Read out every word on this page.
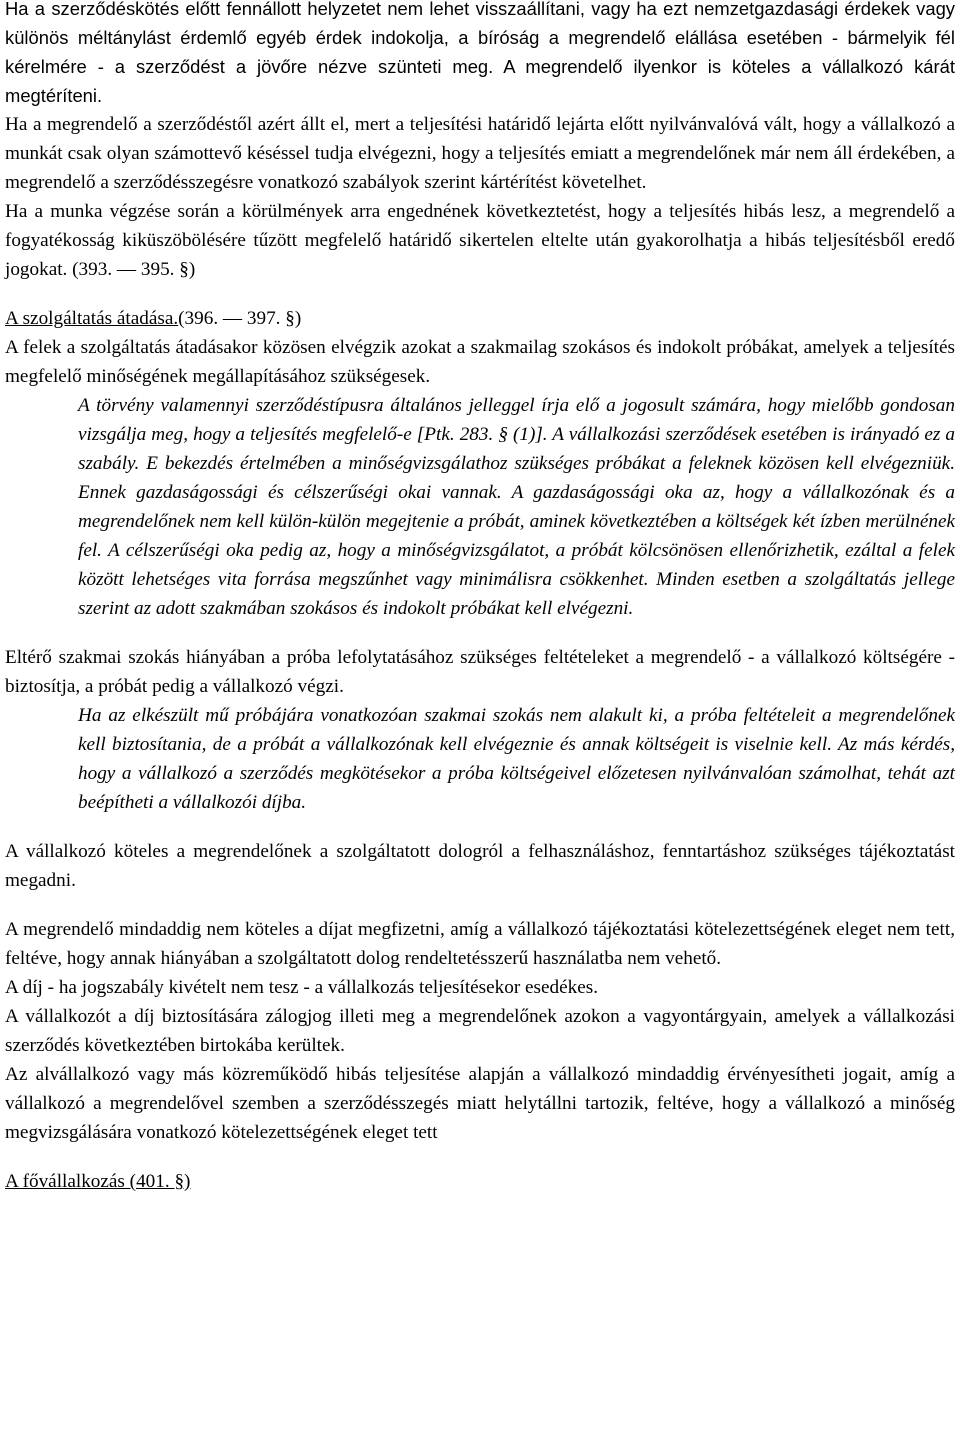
Ha a szerződéskötés előtt fennállott helyzetet nem lehet visszaállítani, vagy ha ezt nemzetgazdasági érdekek vagy különös méltánylást érdemlő egyéb érdek indokolja, a bíróság a megrendelő elállása esetében - bármelyik fél kérelmére - a szerződést a jövőre nézve szünteti meg. A megrendelő ilyenkor is köteles a vállalkozó kárát megtéríteni.

Ha a megrendelő a szerződéstől azért állt el, mert a teljesítési határidő lejárta előtt nyilvánvalóvá vált, hogy a vállalkozó a munkát csak olyan számottevő késéssel tudja elvégezni, hogy a teljesítés emiatt a megrendelőnek már nem áll érdekében, a megrendelő a szerződésszegésre vonatkozó szabályok szerint kártérítést követelhet.

Ha a munka végzése során a körülmények arra engednének következtetést, hogy a teljesítés hibás lesz, a megrendelő a fogyatékosság kiküszöbölésére tűzött megfelelő határidő sikertelen eltelte után gyakorolhatja a hibás teljesítésből eredő jogokat. (393. ― 395. §)

A szolgáltatás átadása.(396. ― 397. §)

A felek a szolgáltatás átadásakor közösen elvégzik azokat a szakmailag szokásos és indokolt próbákat, amelyek a teljesítés megfelelő minőségének megállapításához szükségesek.

A törvény valamennyi szerződéstípusra általános jelleggel írja elő a jogosult számára, hogy mielőbb gondosan vizsgálja meg, hogy a teljesítés megfelelő-e [Ptk. 283. § (1)]. A vállalkozási szerződések esetében is irányadó ez a szabály. E bekezdés értelmében a minőségvizsgálathoz szükséges próbákat a feleknek közösen kell elvégezniük. Ennek gazdaságossági és célszerűségi okai vannak. A gazdaságossági oka az, hogy a vállalkozónak és a megrendelőnek nem kell külön-külön megejtenie a próbát, aminek következtében a költségek két ízben merülnének fel. A célszerűségi oka pedig az, hogy a minőségvizsgálatot, a próbát kölcsönösen ellenőrizhetik, ezáltal a felek között lehetséges vita forrása megszűnhet vagy minimálisra csökkenhet. Minden esetben a szolgáltatás jellege szerint az adott szakmában szokásos és indokolt próbákat kell elvégezni.

Eltérő szakmai szokás hiányában a próba lefolytatásához szükséges feltételeket a megrendelő - a vállalkozó költségére - biztosítja, a próbát pedig a vállalkozó végzi.

Ha az elkészült mű próbájára vonatkozóan szakmai szokás nem alakult ki, a próba feltételeit a megrendelőnek kell biztosítania, de a próbát a vállalkozónak kell elvégeznie és annak költségeit is viselnie kell. Az más kérdés, hogy a vállalkozó a szerződés megkötésekor a próba költségeivel előzetesen nyilvánvalóan számolhat, tehát azt beépítheti a vállalkozói díjba.

A vállalkozó köteles a megrendelőnek a szolgáltatott dologról a felhasználáshoz, fenntartáshoz szükséges tájékoztatást megadni.

A megrendelő mindaddig nem köteles a díjat megfizetni, amíg a vállalkozó tájékoztatási kötelezettségének eleget nem tett, feltéve, hogy annak hiányában a szolgáltatott dolog rendeltetésszerű használatba nem vehető.

A díj - ha jogszabály kivételt nem tesz - a vállalkozás teljesítésekor esedékes.

A vállalkozót a díj biztosítására zálogjog illeti meg a megrendelőnek azokon a vagyontárgyain, amelyek a vállalkozási szerződés következtében birtokába kerültek.

Az alvállalkozó vagy más közreműködő hibás teljesítése alapján a vállalkozó mindaddig érvényesítheti jogait, amíg a vállalkozó a megrendelővel szemben a szerződésszegés miatt helytállni tartozik, feltéve, hogy a vállalkozó a minőség megvizsgálására vonatkozó kötelezettségének eleget tett

A fővállalkozás (401. §)
